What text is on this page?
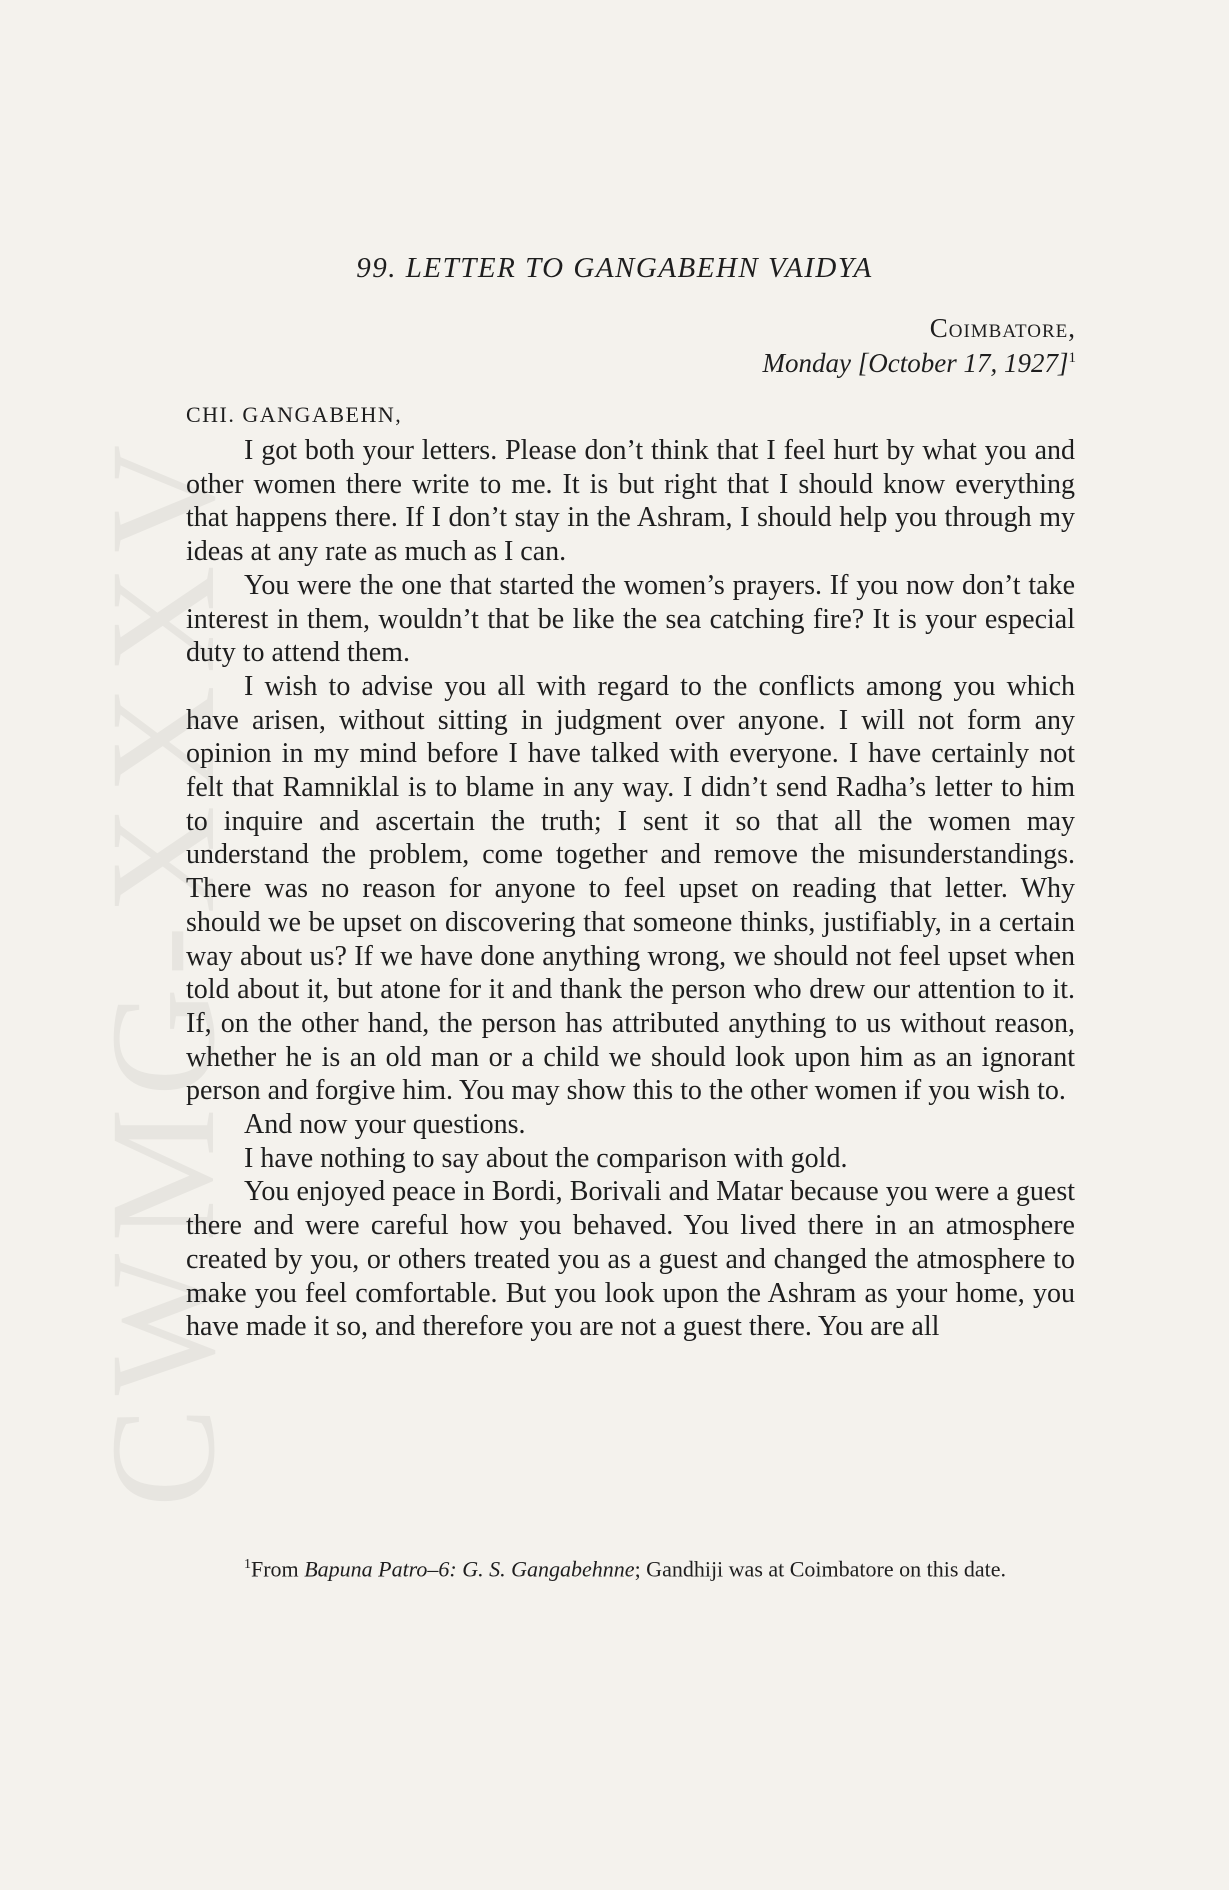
CWMG-XXXV
99. LETTER TO GANGABEHN VAIDYA
Coimbatore,
Monday [October 17, 1927]$^1$
CHI. GANGABEHN,

I got both your letters. Please don’t think that I feel hurt by what you and other women there write to me. It is but right that I should know everything that happens there. If I don’t stay in the Ashram, I should help you through my ideas at any rate as much as I can.

You were the one that started the women’s prayers. If you now don’t take interest in them, wouldn’t that be like the sea catching fire? It is your especial duty to attend them.

I wish to advise you all with regard to the conflicts among you which have arisen, without sitting in judgment over anyone. I will not form any opinion in my mind before I have talked with everyone. I have certainly not felt that Ramniklal is to blame in any way. I didn’t send Radha’s letter to him to inquire and ascertain the truth; I sent it so that all the women may understand the problem, come together and remove the misunderstandings. There was no reason for anyone to feel upset on reading that letter. Why should we be upset on discovering that someone thinks, justifiably, in a certain way about us? If we have done anything wrong, we should not feel upset when told about it, but atone for it and thank the person who drew our attention to it. If, on the other hand, the person has attributed anything to us without reason, whether he is an old man or a child we should look upon him as an ignorant person and forgive him. You may show this to the other women if you wish to.

And now your questions.

I have nothing to say about the comparison with gold.

You enjoyed peace in Bordi, Borivali and Matar because you were a guest there and were careful how you behaved. You lived there in an atmosphere created by you, or others treated you as a guest and changed the atmosphere to make you feel comfortable. But you look upon the Ashram as your home, you have made it so, and therefore you are not a guest there. You are all

$^1$From Bapuna Patro–6: G. S. Gangabehnne; Gandhiji was at Coimbatore on this date.
